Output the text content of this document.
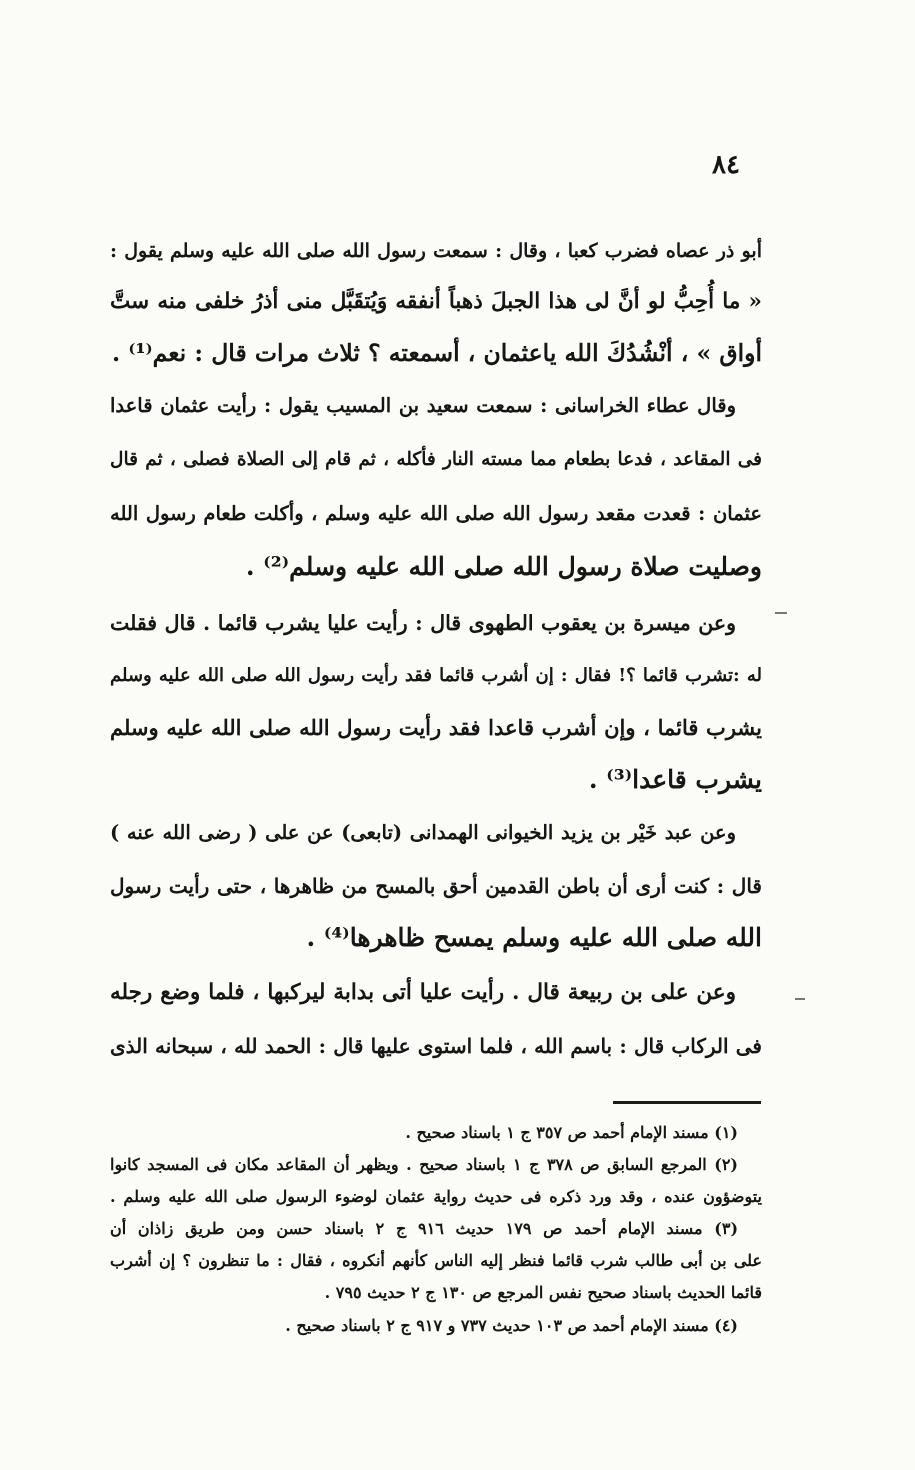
٨٤
أبو ذر عصاه فضرب كعبا ، وقال : سمعت رسول الله صلى الله عليه وسلم يقول :
« ما أُحِبُّ لو أنَّ لى هذا الجبلَ ذهباً أنفقه وَيُتقَبَّل منى أذرُ خلفى منه ستَّ
أواق » ، أنْشُدُكَ الله ياعثمان ، أسمعته ؟ ثلاث مرات قال : نعم⁽¹⁾ .
وقال عطاء الخراسانى : سمعت سعيد بن المسيب يقول : رأيت عثمان قاعدا
فى المقاعد ، فدعا بطعام مما مسته النار فأكله ، ثم قام إلى الصلاة فصلى ، ثم قال
عثمان : قعدت مقعد رسول الله صلى الله عليه وسلم ، وأكلت طعام رسول الله
وصليت صلاة رسول الله صلى الله عليه وسلم⁽²⁾ .
وعن ميسرة بن يعقوب الطهوى قال : رأيت عليا يشرب قائما . قال فقلت
له :تشرب قائما ؟! فقال : إن أشرب قائما فقد رأيت رسول الله صلى الله عليه وسلم
يشرب قائما ، وإن أشرب قاعدا فقد رأيت رسول الله صلى الله عليه وسلم
يشرب قاعدا⁽³⁾ .
وعن عبد خَيْر بن يزيد الخيوانى الهمدانى (تابعى) عن على ( رضى الله عنه )
قال : كنت أرى أن باطن القدمين أحق بالمسح من ظاهرها ، حتى رأيت رسول
الله صلى الله عليه وسلم يمسح ظاهرها⁽⁴⁾ .
وعن على بن ربيعة قال . رأيت عليا أتى بدابة ليركبها ، فلما وضع رجله
فى الركاب قال : باسم الله ، فلما استوى عليها قال : الحمد لله ، سبحانه الذى
(١) مسند الإمام أحمد ص ٣٥٧ ج ١ باسناد صحيح .
(٢) المرجع السابق ص ٣٧٨ ج ١ باسناد صحيح . ويظهر أن المقاعد مكان فى المسجد كانوا
يتوضؤون عنده ، وقد ورد ذكره فى حديث رواية عثمان لوضوء الرسول صلى الله عليه وسلم .
(٣) مسند الإمام أحمد ص ١٧٩ حديث ٩١٦ ج ٢ باسناد حسن ومن طريق زاذان أن
على بن أبى طالب شرب قائما فنظر إليه الناس كأنهم أنكروه ، فقال : ما تنظرون ؟ إن أشرب
قائما الحديث باسناد صحيح نفس المرجع ص ١٣٠ ج ٢ حديث ٧٩٥ .
(٤) مسند الإمام أحمد ص ١٠٣ حديث ٧٣٧ و ٩١٧ ج ٢ باسناد صحيح .
